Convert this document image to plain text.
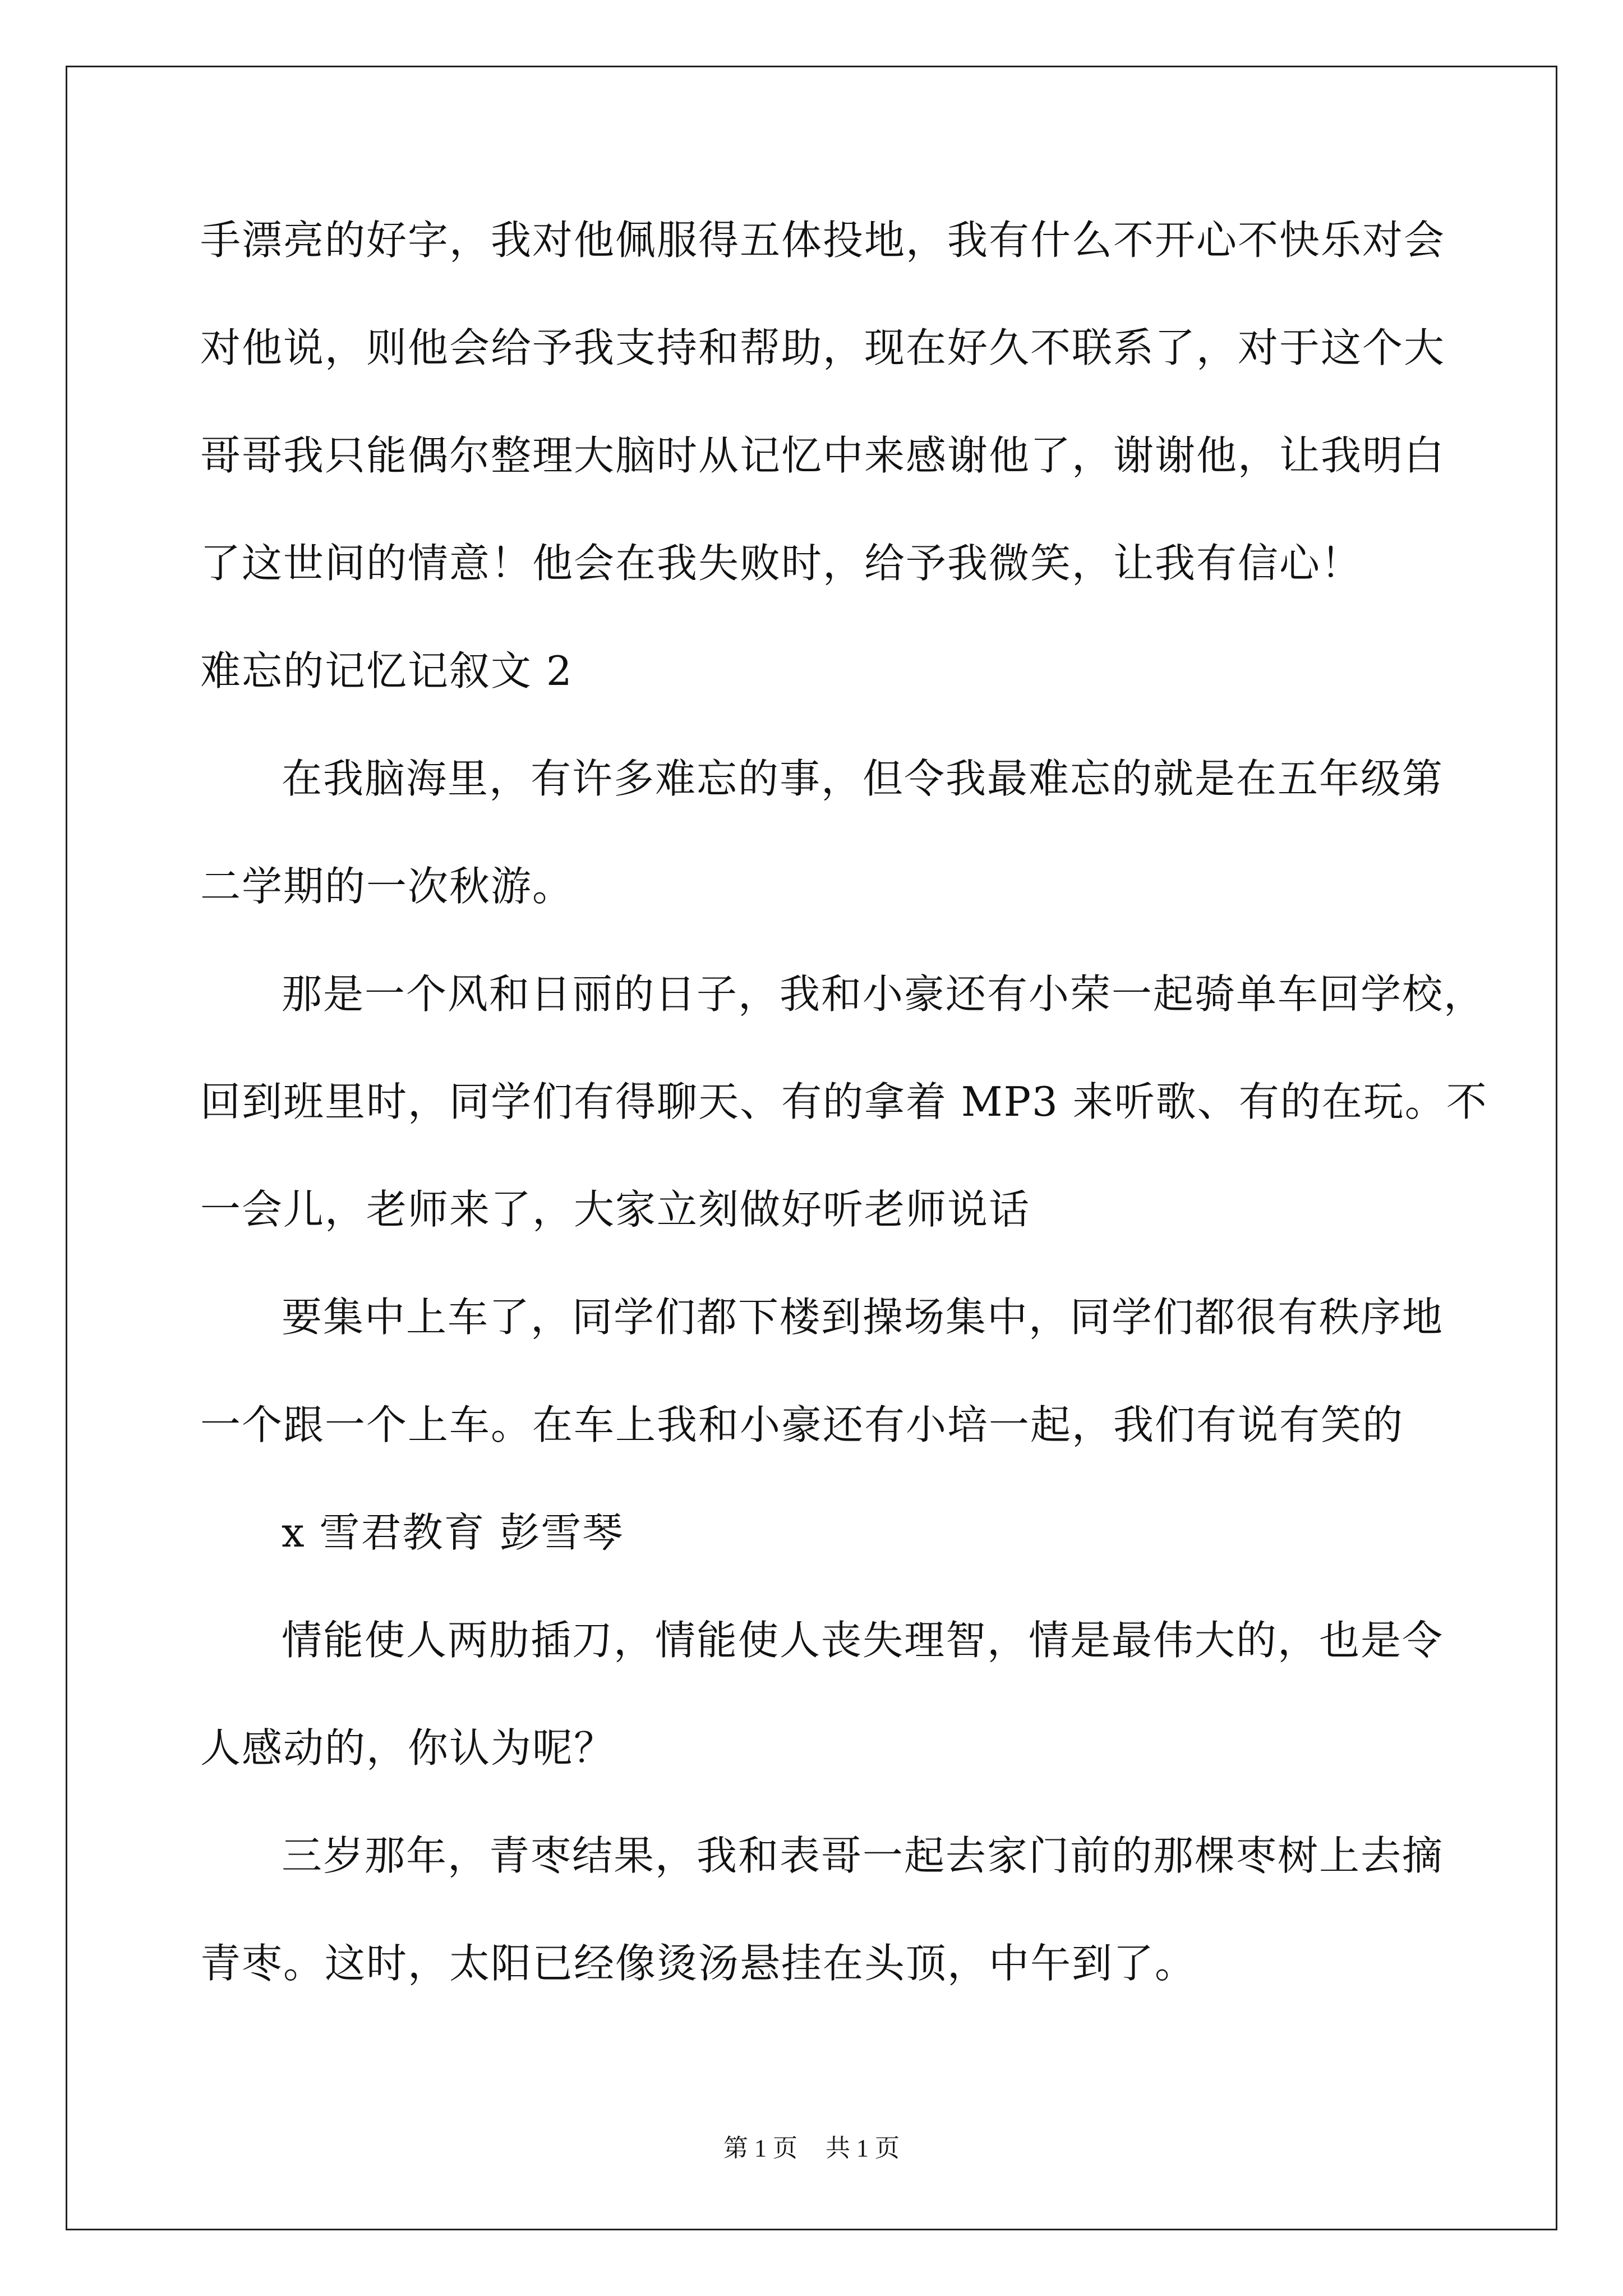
手漂亮的好字，我对他佩服得五体投地，我有什么不开心不快乐对会
对他说，则他会给予我支持和帮助，现在好久不联系了，对于这个大
哥哥我只能偶尔整理大脑时从记忆中来感谢他了，谢谢他，让我明白
了这世间的情意！他会在我失败时，给予我微笑，让我有信心！
难忘的记忆记叙文 2
在我脑海里，有许多难忘的事，但令我最难忘的就是在五年级第
二学期的一次秋游。
那是一个风和日丽的日子，我和小豪还有小荣一起骑单车回学校，
回到班里时，同学们有得聊天、有的拿着 MP3 来听歌、有的在玩。不
一会儿，老师来了，大家立刻做好听老师说话
要集中上车了，同学们都下楼到操场集中，同学们都很有秩序地
一个跟一个上车。在车上我和小豪还有小培一起，我们有说有笑的
x 雪君教育 彭雪琴
情能使人两肋插刀，情能使人丧失理智，情是最伟大的，也是令
人感动的，你认为呢？
三岁那年，青枣结果，我和表哥一起去家门前的那棵枣树上去摘
青枣。这时，太阳已经像烫汤悬挂在头顶，中午到了。
第 1 页 共 1 页
